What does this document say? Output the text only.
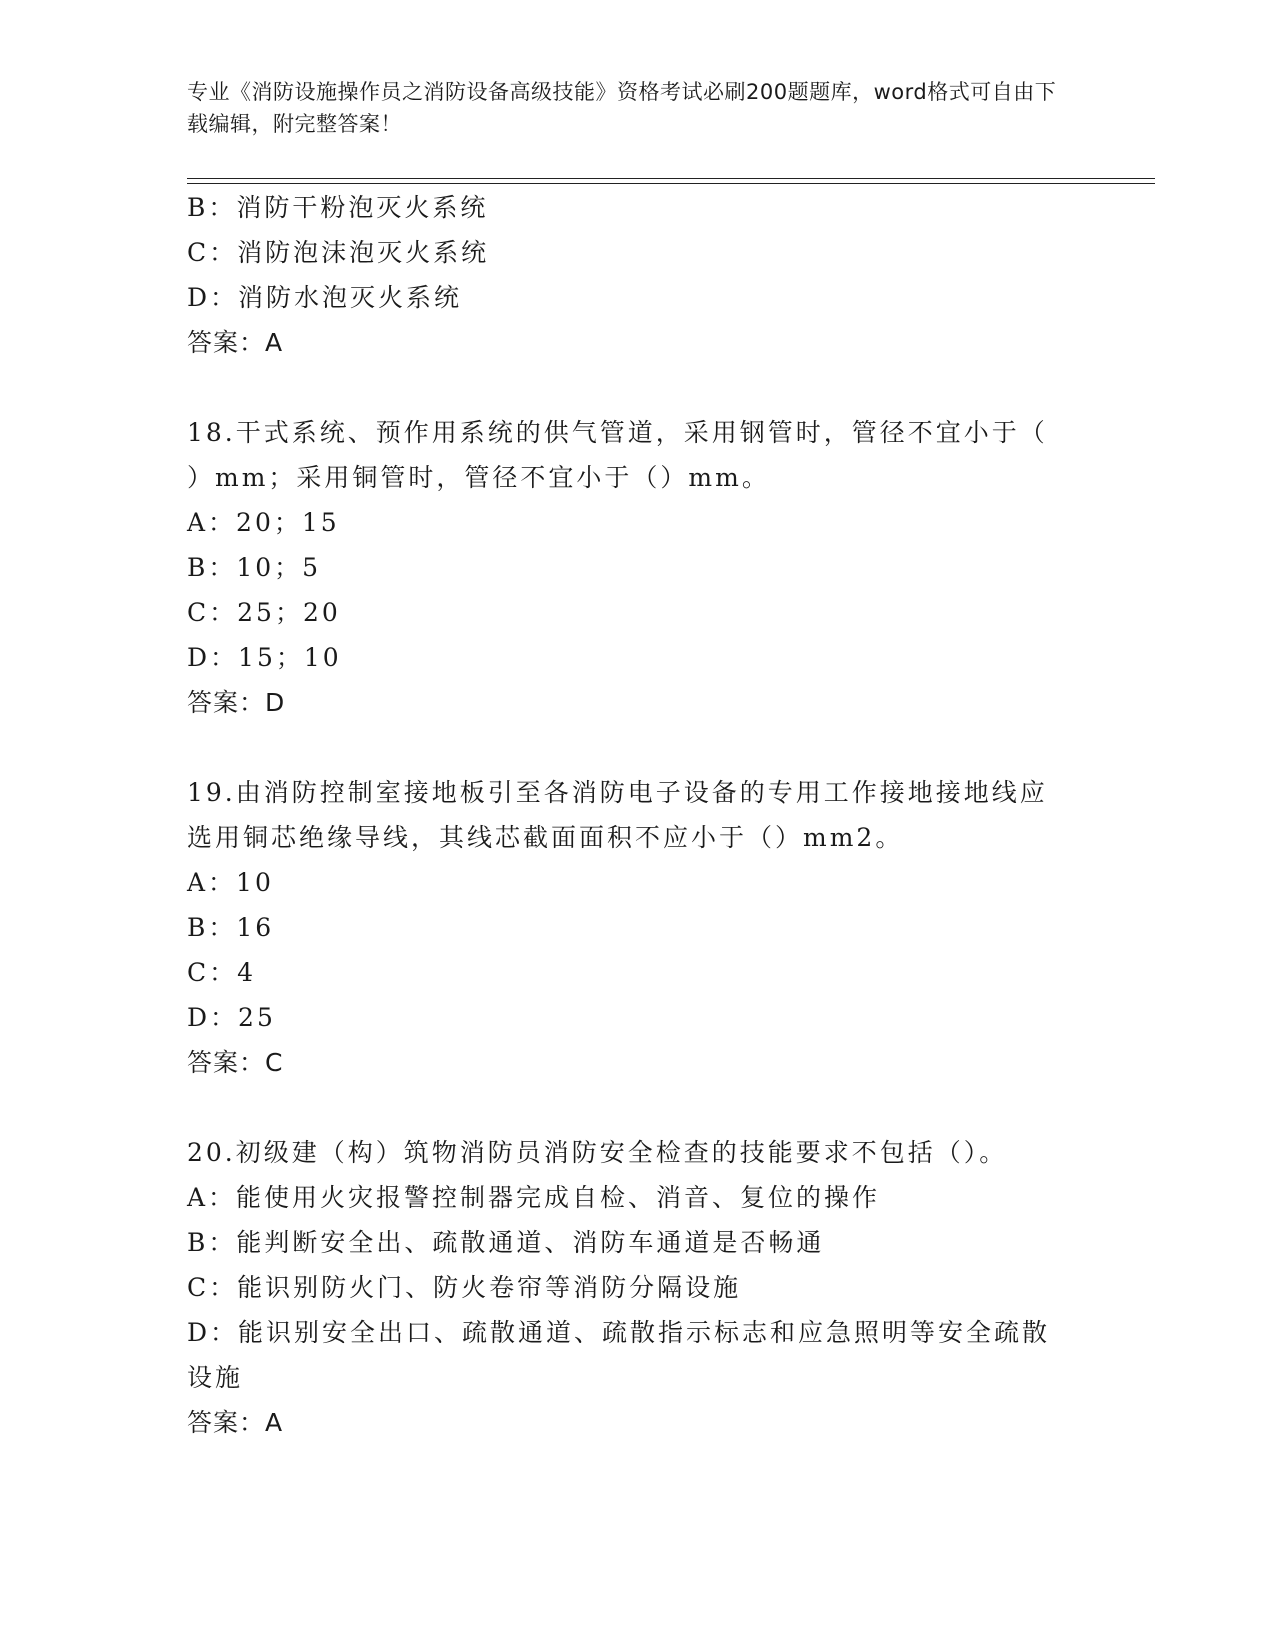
专业《消防设施操作员之消防设备高级技能》资格考试必刷200题题库，word格式可自由下载编辑，附完整答案！
B：消防干粉泡灭火系统
C：消防泡沫泡灭火系统
D：消防水泡灭火系统
答案：A
18.干式系统、预作用系统的供气管道，采用钢管时，管径不宜小于（
）mm；采用铜管时，管径不宜小于（）mm。
A：20；15
B：10；5
C：25；20
D：15；10
答案：D
19.由消防控制室接地板引至各消防电子设备的专用工作接地接地线应
选用铜芯绝缘导线，其线芯截面面积不应小于（）mm2。
A：10
B：16
C：4
D：25
答案：C
20.初级建（构）筑物消防员消防安全检查的技能要求不包括（）。
A：能使用火灾报警控制器完成自检、消音、复位的操作
B：能判断安全出、疏散通道、消防车通道是否畅通
C：能识别防火门、防火卷帘等消防分隔设施
D：能识别安全出口、疏散通道、疏散指示标志和应急照明等安全疏散
设施
答案：A
